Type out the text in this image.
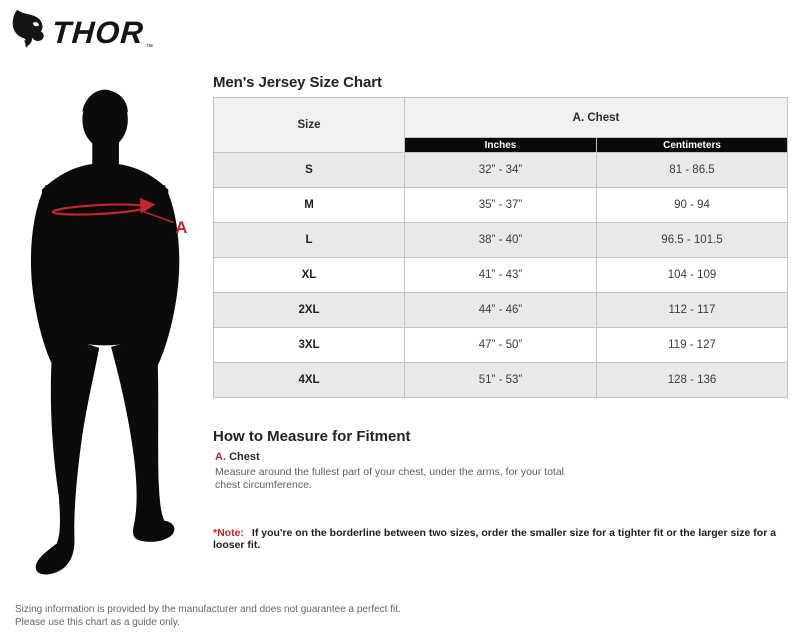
THOR ™
A
Men's Jersey Size Chart
Size	A. Chest	
	Inches	Centimeters
S	32” - 34”	81 - 86.5
M	35” - 37”	90 - 94
L	38” - 40”	96.5 - 101.5
XL	41” - 43”	104 - 109
2XL	44” - 46”	112 - 117
3XL	47” - 50”	119 - 127
4XL	51” - 53”	128 - 136
How to Measure for Fitment
A. Chest
Measure around the fullest part of your chest, under the arms, for your total chest circumference.
*Note: If you're on the borderline between two sizes, order the smaller size for a tighter fit or the larger size for a looser fit.
Sizing information is provided by the manufacturer and does not guarantee a perfect fit.
Please use this chart as a guide only.
